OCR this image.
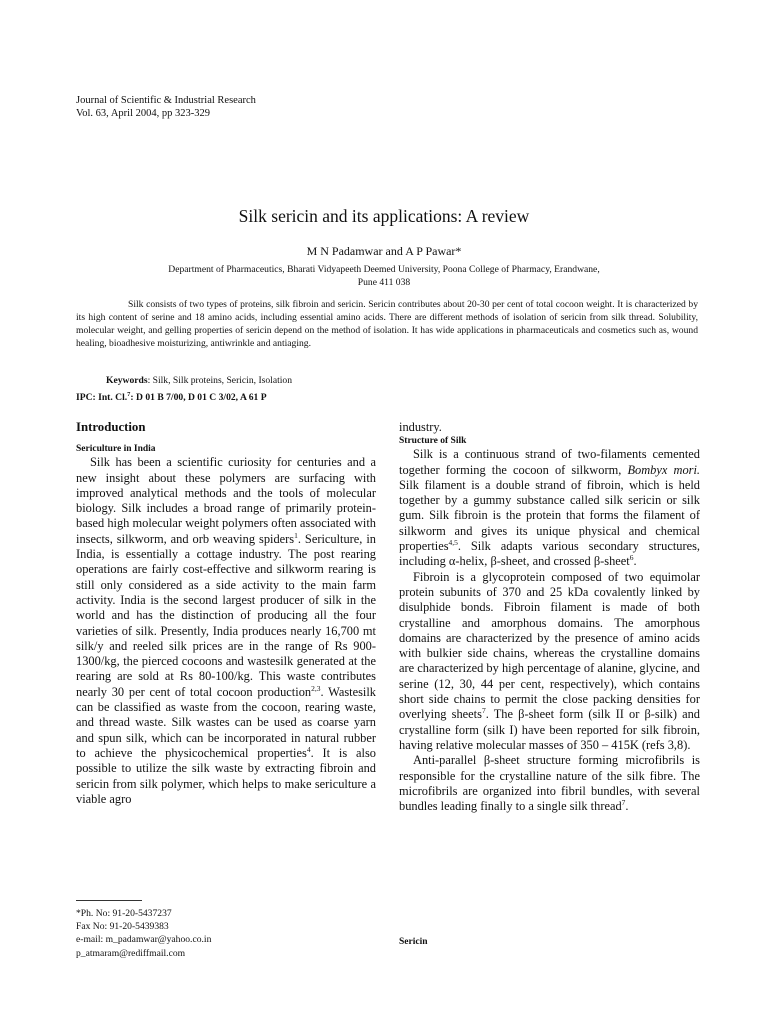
Journal of Scientific & Industrial Research
Vol. 63, April 2004, pp 323-329
Silk sericin and its applications: A review
M N Padamwar and A P Pawar*
Department of Pharmaceutics, Bharati Vidyapeeth Deemed University, Poona College of Pharmacy, Erandwane,
Pune 411 038
Silk consists of two types of proteins, silk fibroin and sericin. Sericin contributes about 20-30 per cent of total cocoon weight. It is characterized by its high content of serine and 18 amino acids, including essential amino acids. There are different methods of isolation of sericin from silk thread. Solubility, molecular weight, and gelling properties of sericin depend on the method of isolation. It has wide applications in pharmaceuticals and cosmetics such as, wound healing, bioadhesive moisturizing, antiwrinkle and antiaging.
Keywords: Silk, Silk proteins, Sericin, Isolation
IPC: Int. Cl.$^7$: D 01 B 7/00, D 01 C 3/02, A 61 P
Introduction
Sericulture in India

Silk has been a scientific curiosity for centuries and a new insight about these polymers are surfacing with improved analytical methods and the tools of molecular biology. Silk includes a broad range of primarily protein-based high molecular weight polymers often associated with insects, silkworm, and orb weaving spiders$^1$. Sericulture, in India, is essentially a cottage industry. The post rearing operations are fairly cost-effective and silkworm rearing is still only considered as a side activity to the main farm activity. India is the second largest producer of silk in the world and has the distinction of producing all the four varieties of silk. Presently, India produces nearly 16,700 mt silk/y and reeled silk prices are in the range of Rs 900-1300/kg, the pierced cocoons and wastesilk generated at the rearing are sold at Rs 80-100/kg. This waste contributes nearly 30 per cent of total cocoon production$^{2,3}$. Wastesilk can be classified as waste from the cocoon, rearing waste, and thread waste. Silk wastes can be used as coarse yarn and spun silk, which can be incorporated in natural rubber to achieve the physicochemical properties$^4$. It is also possible to utilize the silk waste by extracting fibroin and sericin from silk polymer, which helps to make sericulture a viable agro

industry.

Structure of Silk

Silk is a continuous strand of two-filaments cemented together forming the cocoon of silkworm, Bombyx mori. Silk filament is a double strand of fibroin, which is held together by a gummy substance called silk sericin or silk gum. Silk fibroin is the protein that forms the filament of silkworm and gives its unique physical and chemical properties$^{4,5}$. Silk adapts various secondary structures, including α-helix, β-sheet, and crossed β-sheet$^6$.

Fibroin is a glycoprotein composed of two equimolar protein subunits of 370 and 25 kDa covalently linked by disulphide bonds. Fibroin filament is made of both crystalline and amorphous domains. The amorphous domains are characterized by the presence of amino acids with bulkier side chains, whereas the crystalline domains are characterized by high percentage of alanine, glycine, and serine (12, 30, 44 per cent, respectively), which contains short side chains to permit the close packing densities for overlying sheets$^7$. The β-sheet form (silk II or β-silk) and crystalline form (silk I) have been reported for silk fibroin, having relative molecular masses of 350 – 415K (refs 3,8).

Anti-parallel β-sheet structure forming microfibrils is responsible for the crystalline nature of the silk fibre. The microfibrils are organized into fibril bundles, with several bundles leading finally to a single silk thread$^7$.

*Ph. No: 91-20-5437237
Fax No: 91-20-5439383
e-mail: m_padamwar@yahoo.co.in
p_atmaram@rediffmail.com
Sericin
